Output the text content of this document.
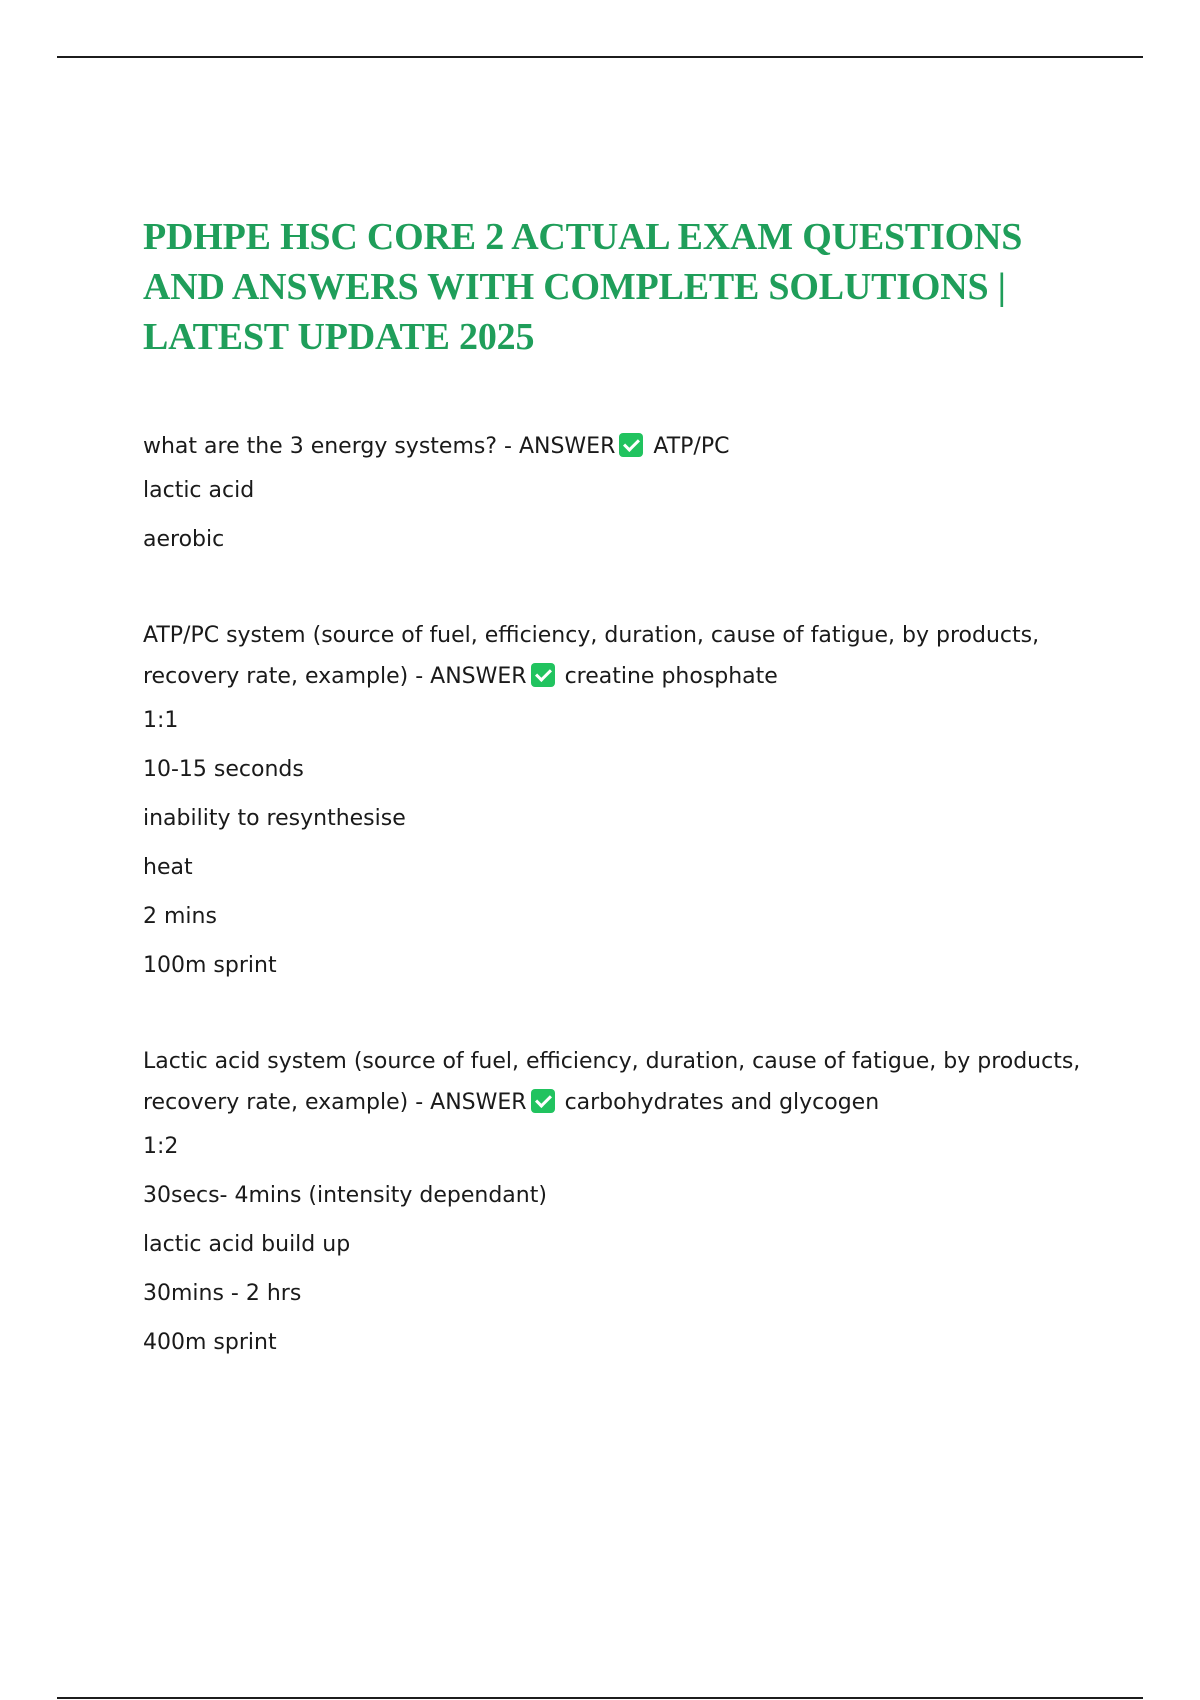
PDHPE HSC CORE 2 ACTUAL EXAM QUESTIONS AND ANSWERS WITH COMPLETE SOLUTIONS | LATEST UPDATE 2025

what are the 3 energy systems? - ANSWER ATP/PC

lactic acid

aerobic

ATP/PC system (source of fuel, efficiency, duration, cause of fatigue, by products, recovery rate, example) - ANSWER creatine phosphate

1:1

10-15 seconds

inability to resynthesise

heat

2 mins

100m sprint

Lactic acid system (source of fuel, efficiency, duration, cause of fatigue, by products, recovery rate, example) - ANSWER carbohydrates and glycogen

1:2

30secs- 4mins (intensity dependant)

lactic acid build up

30mins - 2 hrs

400m sprint
